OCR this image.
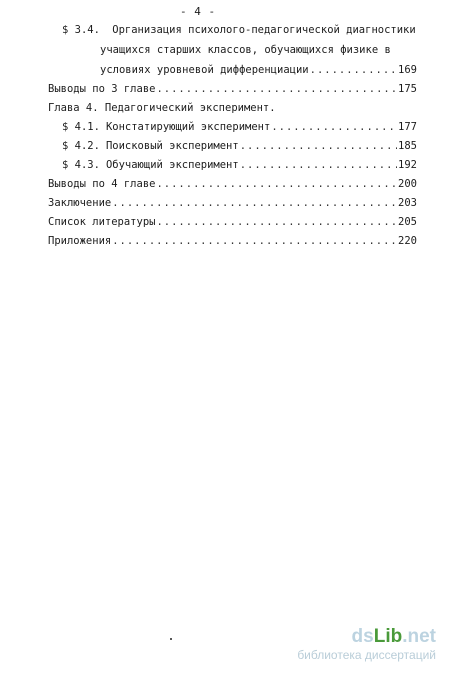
- 4 -
$ 3.4. Организация психолого-педагогической диагностики
учащихся старших классов, обучающихся физике в
условиях уровневой дифференциации .....	169
Выводы по 3 главе .....	175
Глава 4. Педагогический эксперимент.
$ 4.1. Констатирующий эксперимент .....	177
$ 4.2. Поисковый эксперимент .....	185
$ 4.3. Обучающий эксперимент .....	192
Выводы по 4 главе .....	200
Заключение .....	203
Список литературы .....	205
Приложения .....	220
dsLib.net
библиотека диссертаций
